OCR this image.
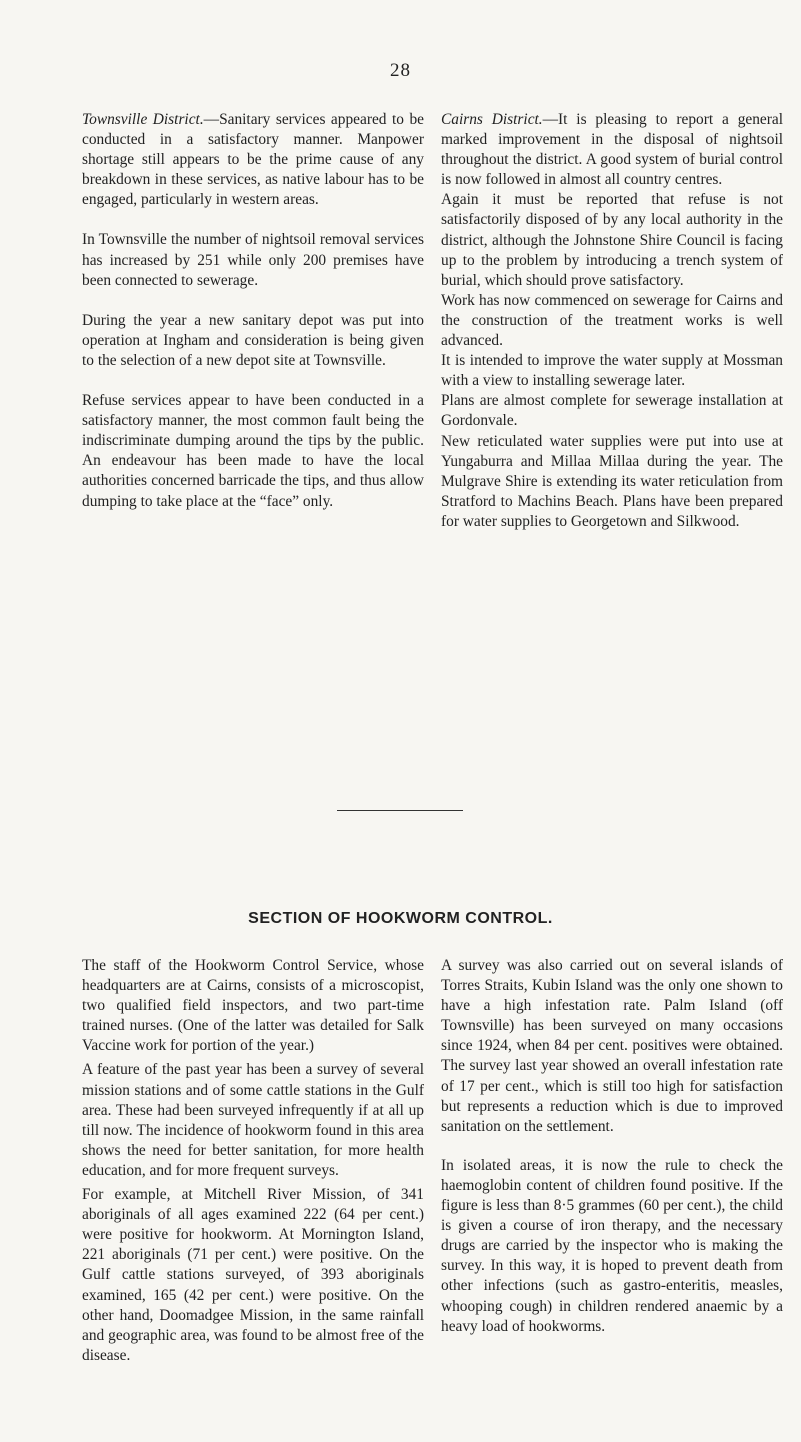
28

Townsville District.—Sanitary services appeared to be conducted in a satisfactory manner. Manpower shortage still appears to be the prime cause of any breakdown in these services, as native labour has to be engaged, particularly in western areas.

In Townsville the number of nightsoil removal services has increased by 251 while only 200 premises have been connected to sewerage.

During the year a new sanitary depot was put into operation at Ingham and consideration is being given to the selection of a new depot site at Townsville.

Refuse services appear to have been conducted in a satisfactory manner, the most common fault being the indiscriminate dumping around the tips by the public. An endeavour has been made to have the local authorities concerned barricade the tips, and thus allow dumping to take place at the “face” only.

Cairns District.—It is pleasing to report a general marked improvement in the disposal of nightsoil throughout the district. A good system of burial control is now followed in almost all country centres.

Again it must be reported that refuse is not satisfactorily disposed of by any local authority in the district, although the Johnstone Shire Council is facing up to the problem by introducing a trench system of burial, which should prove satisfactory.

Work has now commenced on sewerage for Cairns and the construction of the treatment works is well advanced.

It is intended to improve the water supply at Mossman with a view to installing sewerage later.

Plans are almost complete for sewerage installation at Gordonvale.

New reticulated water supplies were put into use at Yungaburra and Millaa Millaa during the year. The Mulgrave Shire is extending its water reticulation from Stratford to Machins Beach. Plans have been prepared for water supplies to Georgetown and Silkwood.

SECTION OF HOOKWORM CONTROL.

The staff of the Hookworm Control Service, whose headquarters are at Cairns, consists of a microscopist, two qualified field inspectors, and two part-time trained nurses. (One of the latter was detailed for Salk Vaccine work for portion of the year.)

A feature of the past year has been a survey of several mission stations and of some cattle stations in the Gulf area. These had been surveyed infrequently if at all up till now. The incidence of hookworm found in this area shows the need for better sanitation, for more health education, and for more frequent surveys.

For example, at Mitchell River Mission, of 341 aboriginals of all ages examined 222 (64 per cent.) were positive for hookworm. At Mornington Island, 221 aboriginals (71 per cent.) were positive. On the Gulf cattle stations surveyed, of 393 aboriginals examined, 165 (42 per cent.) were positive. On the other hand, Doomadgee Mission, in the same rainfall and geographic area, was found to be almost free of the disease.

A survey was also carried out on several islands of Torres Straits, Kubin Island was the only one shown to have a high infestation rate. Palm Island (off Townsville) has been surveyed on many occasions since 1924, when 84 per cent. positives were obtained. The survey last year showed an overall infestation rate of 17 per cent., which is still too high for satisfaction but represents a reduction which is due to improved sanitation on the settlement.

In isolated areas, it is now the rule to check the haemoglobin content of children found positive. If the figure is less than 8·5 grammes (60 per cent.), the child is given a course of iron therapy, and the necessary drugs are carried by the inspector who is making the survey. In this way, it is hoped to prevent death from other infections (such as gastro-enteritis, measles, whooping cough) in children rendered anaemic by a heavy load of hookworms.
